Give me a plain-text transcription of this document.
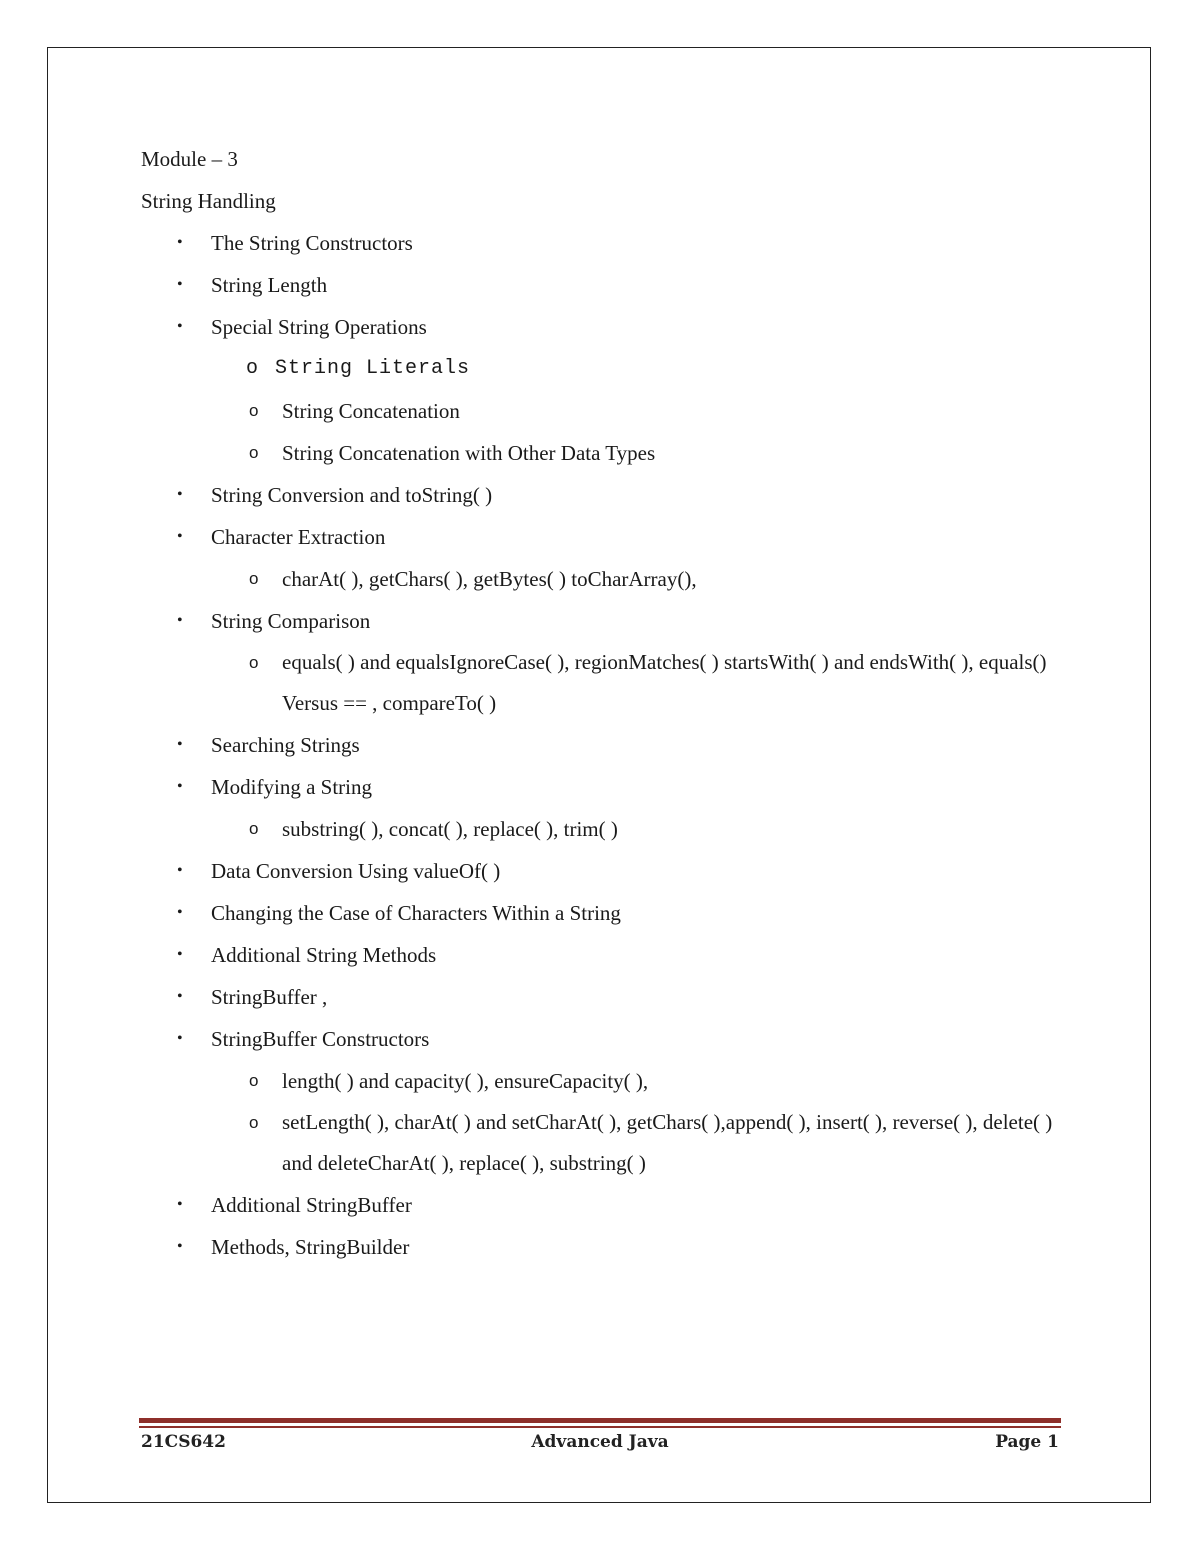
Module – 3
String Handling
• The String Constructors
• String Length
• Special String Operations
o String Literals
o String Concatenation
o String Concatenation with Other Data Types
• String Conversion and toString( )
• Character Extraction
o charAt( ), getChars( ), getBytes( ) toCharArray(),
• String Comparison
o equals( ) and equalsIgnoreCase( ), regionMatches( ) startsWith( ) and endsWith( ), equals() Versus == , compareTo( )
• Searching Strings
• Modifying a String
o substring( ), concat( ), replace( ), trim( )
• Data Conversion Using valueOf( )
• Changing the Case of Characters Within a String
• Additional String Methods
• StringBuffer ,
• StringBuffer Constructors
o length( ) and capacity( ), ensureCapacity( ),
o setLength( ), charAt( ) and setCharAt( ), getChars( ),append( ), insert( ), reverse( ), delete( ) and deleteCharAt( ), replace( ), substring( )
• Additional StringBuffer
• Methods, StringBuilder
21CS642	Advanced Java	Page 1
